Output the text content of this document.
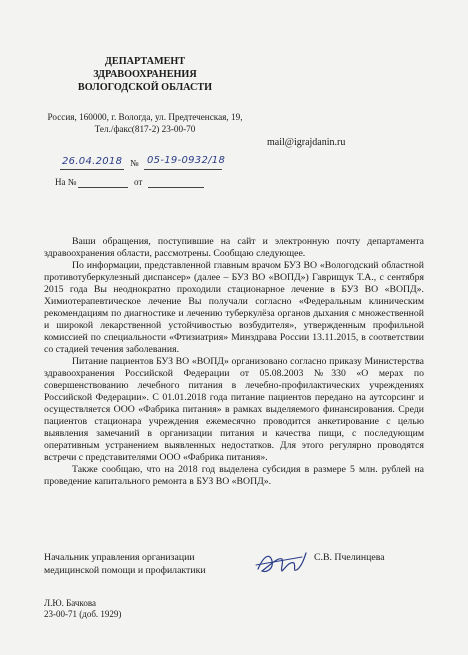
ДЕПАРТАМЕНТ
ЗДРАВООХРАНЕНИЯ
ВОЛОГОДСКОЙ ОБЛАСТИ
Россия, 160000, г. Вологда, ул. Предтеченская, 19,
Тел./факс(817-2) 23-00-70
mail@igrajdanin.ru
26.04.2018 № 05-19-0932/18
На №	от

Ваши обращения, поступившие на сайт и электронную почту департамента здравоохранения области, рассмотрены. Сообщаю следующее.

По информации, представленной главным врачом БУЗ ВО «Вологодский областной противотуберкулезный диспансер» (далее – БУЗ ВО «ВОПД») Гаврищук Т.А., с сентября 2015 года Вы неоднократно проходили стационарное лечение в БУЗ ВО «ВОПД». Химиотерапевтическое лечение Вы получали согласно «Федеральным клиническим рекомендациям по диагностике и лечению туберкулёза органов дыхания с множественной и широкой лекарственной устойчивостью возбудителя», утвержденным профильной комиссией по специальности «Фтизиатрия» Минздрава России 13.11.2015, в соответствии со стадией течения заболевания.

Питание пациентов БУЗ ВО «ВОПД» организовано согласно приказу Министерства здравоохранения Российской Федерации от 05.08.2003 №330 «О мерах по совершенствованию лечебного питания в лечебно-профилактических учреждениях Российской Федерации». С 01.01.2018 года питание пациентов передано на аутсорсинг и осуществляется ООО «Фабрика питания» в рамках выделяемого финансирования. Среди пациентов стационара учреждения ежемесячно проводится анкетирование с целью выявления замечаний в организации питания и качества пищи, с последующим оперативным устранением выявленных недостатков. Для этого регулярно проводятся встречи с представителями ООО «Фабрика питания».

Также сообщаю, что на 2018 год выделена субсидия в размере 5 млн. рублей на проведение капитального ремонта в БУЗ ВО «ВОПД».

Начальник управления организации
медицинской помощи и профилактики
С.В. Пчелинцева
Л.Ю. Бачкова
23-00-71 (доб. 1929)
